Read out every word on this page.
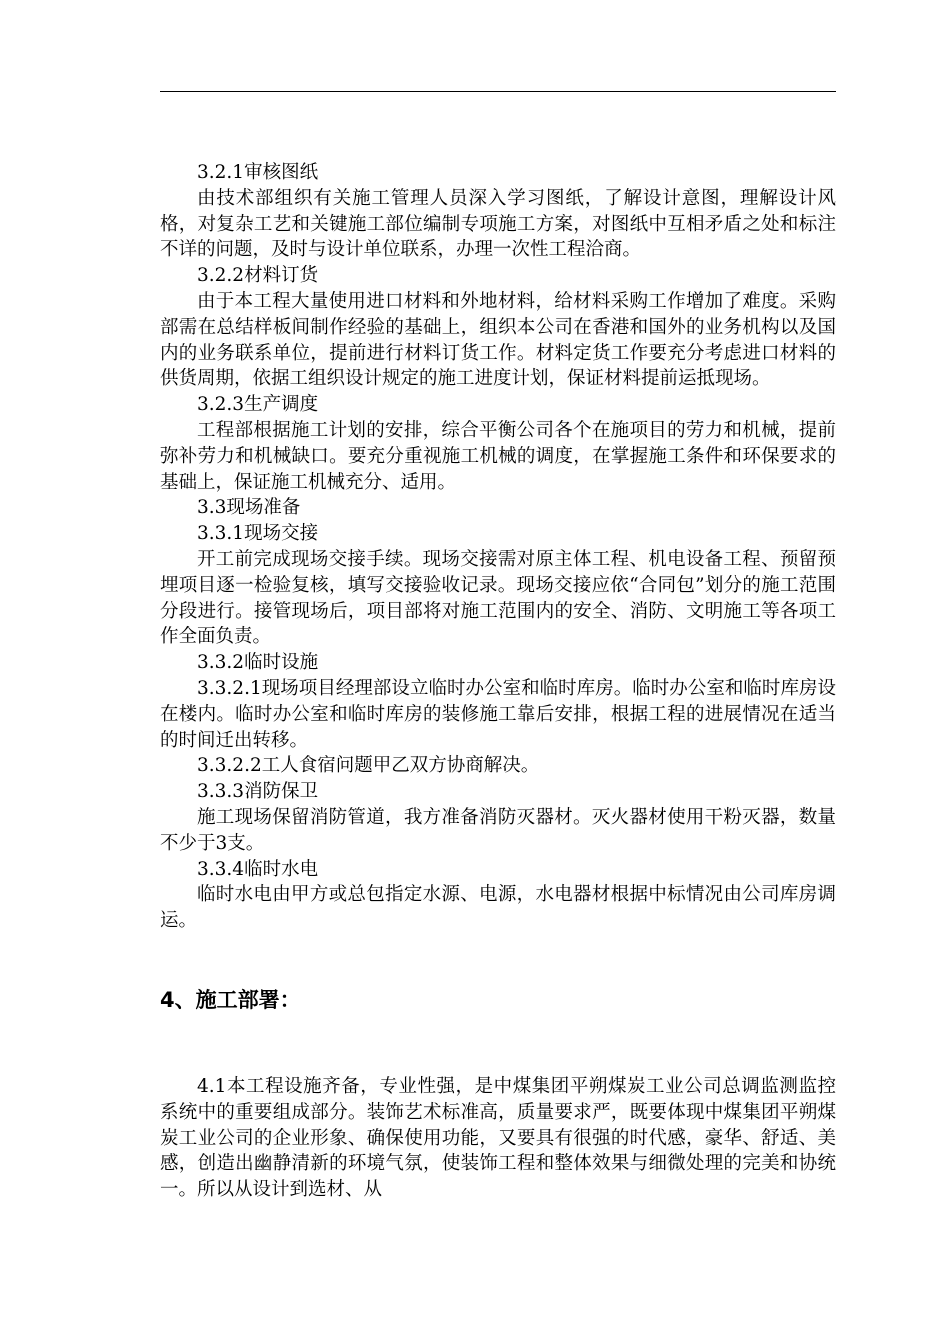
3.2.1审核图纸

由技术部组织有关施工管理人员深入学习图纸，了解设计意图，理解设计风格，对复杂工艺和关键施工部位编制专项施工方案，对图纸中互相矛盾之处和标注不详的问题，及时与设计单位联系，办理一次性工程洽商。

3.2.2材料订货

由于本工程大量使用进口材料和外地材料，给材料采购工作增加了难度。采购部需在总结样板间制作经验的基础上，组织本公司在香港和国外的业务机构以及国内的业务联系单位，提前进行材料订货工作。材料定货工作要充分考虑进口材料的供货周期，依据工组织设计规定的施工进度计划，保证材料提前运抵现场。

3.2.3生产调度

工程部根据施工计划的安排，综合平衡公司各个在施项目的劳力和机械，提前弥补劳力和机械缺口。要充分重视施工机械的调度，在掌握施工条件和环保要求的基础上，保证施工机械充分、适用。

3.3现场准备

3.3.1现场交接

开工前完成现场交接手续。现场交接需对原主体工程、机电设备工程、预留预埋项目逐一检验复核，填写交接验收记录。现场交接应依“合同包”划分的施工范围分段进行。接管现场后，项目部将对施工范围内的安全、消防、文明施工等各项工作全面负责。

3.3.2临时设施

3.3.2.1现场项目经理部设立临时办公室和临时库房。临时办公室和临时库房设在楼内。临时办公室和临时库房的装修施工靠后安排，根据工程的进展情况在适当的时间迁出转移。

3.3.2.2工人食宿问题甲乙双方协商解决。

3.3.3消防保卫

施工现场保留消防管道，我方准备消防灭器材。灭火器材使用干粉灭器，数量不少于3支。

3.3.4临时水电

临时水电由甲方或总包指定水源、电源，水电器材根据中标情况由公司库房调运。

4、施工部署：

4.1本工程设施齐备，专业性强，是中煤集团平朔煤炭工业公司总调监测监控系统中的重要组成部分。装饰艺术标准高，质量要求严，既要体现中煤集团平朔煤炭工业公司的企业形象、确保使用功能，又要具有很强的时代感，豪华、舒适、美感，创造出幽静清新的环境气氛，使装饰工程和整体效果与细微处理的完美和协统一。所以从设计到选材、从
